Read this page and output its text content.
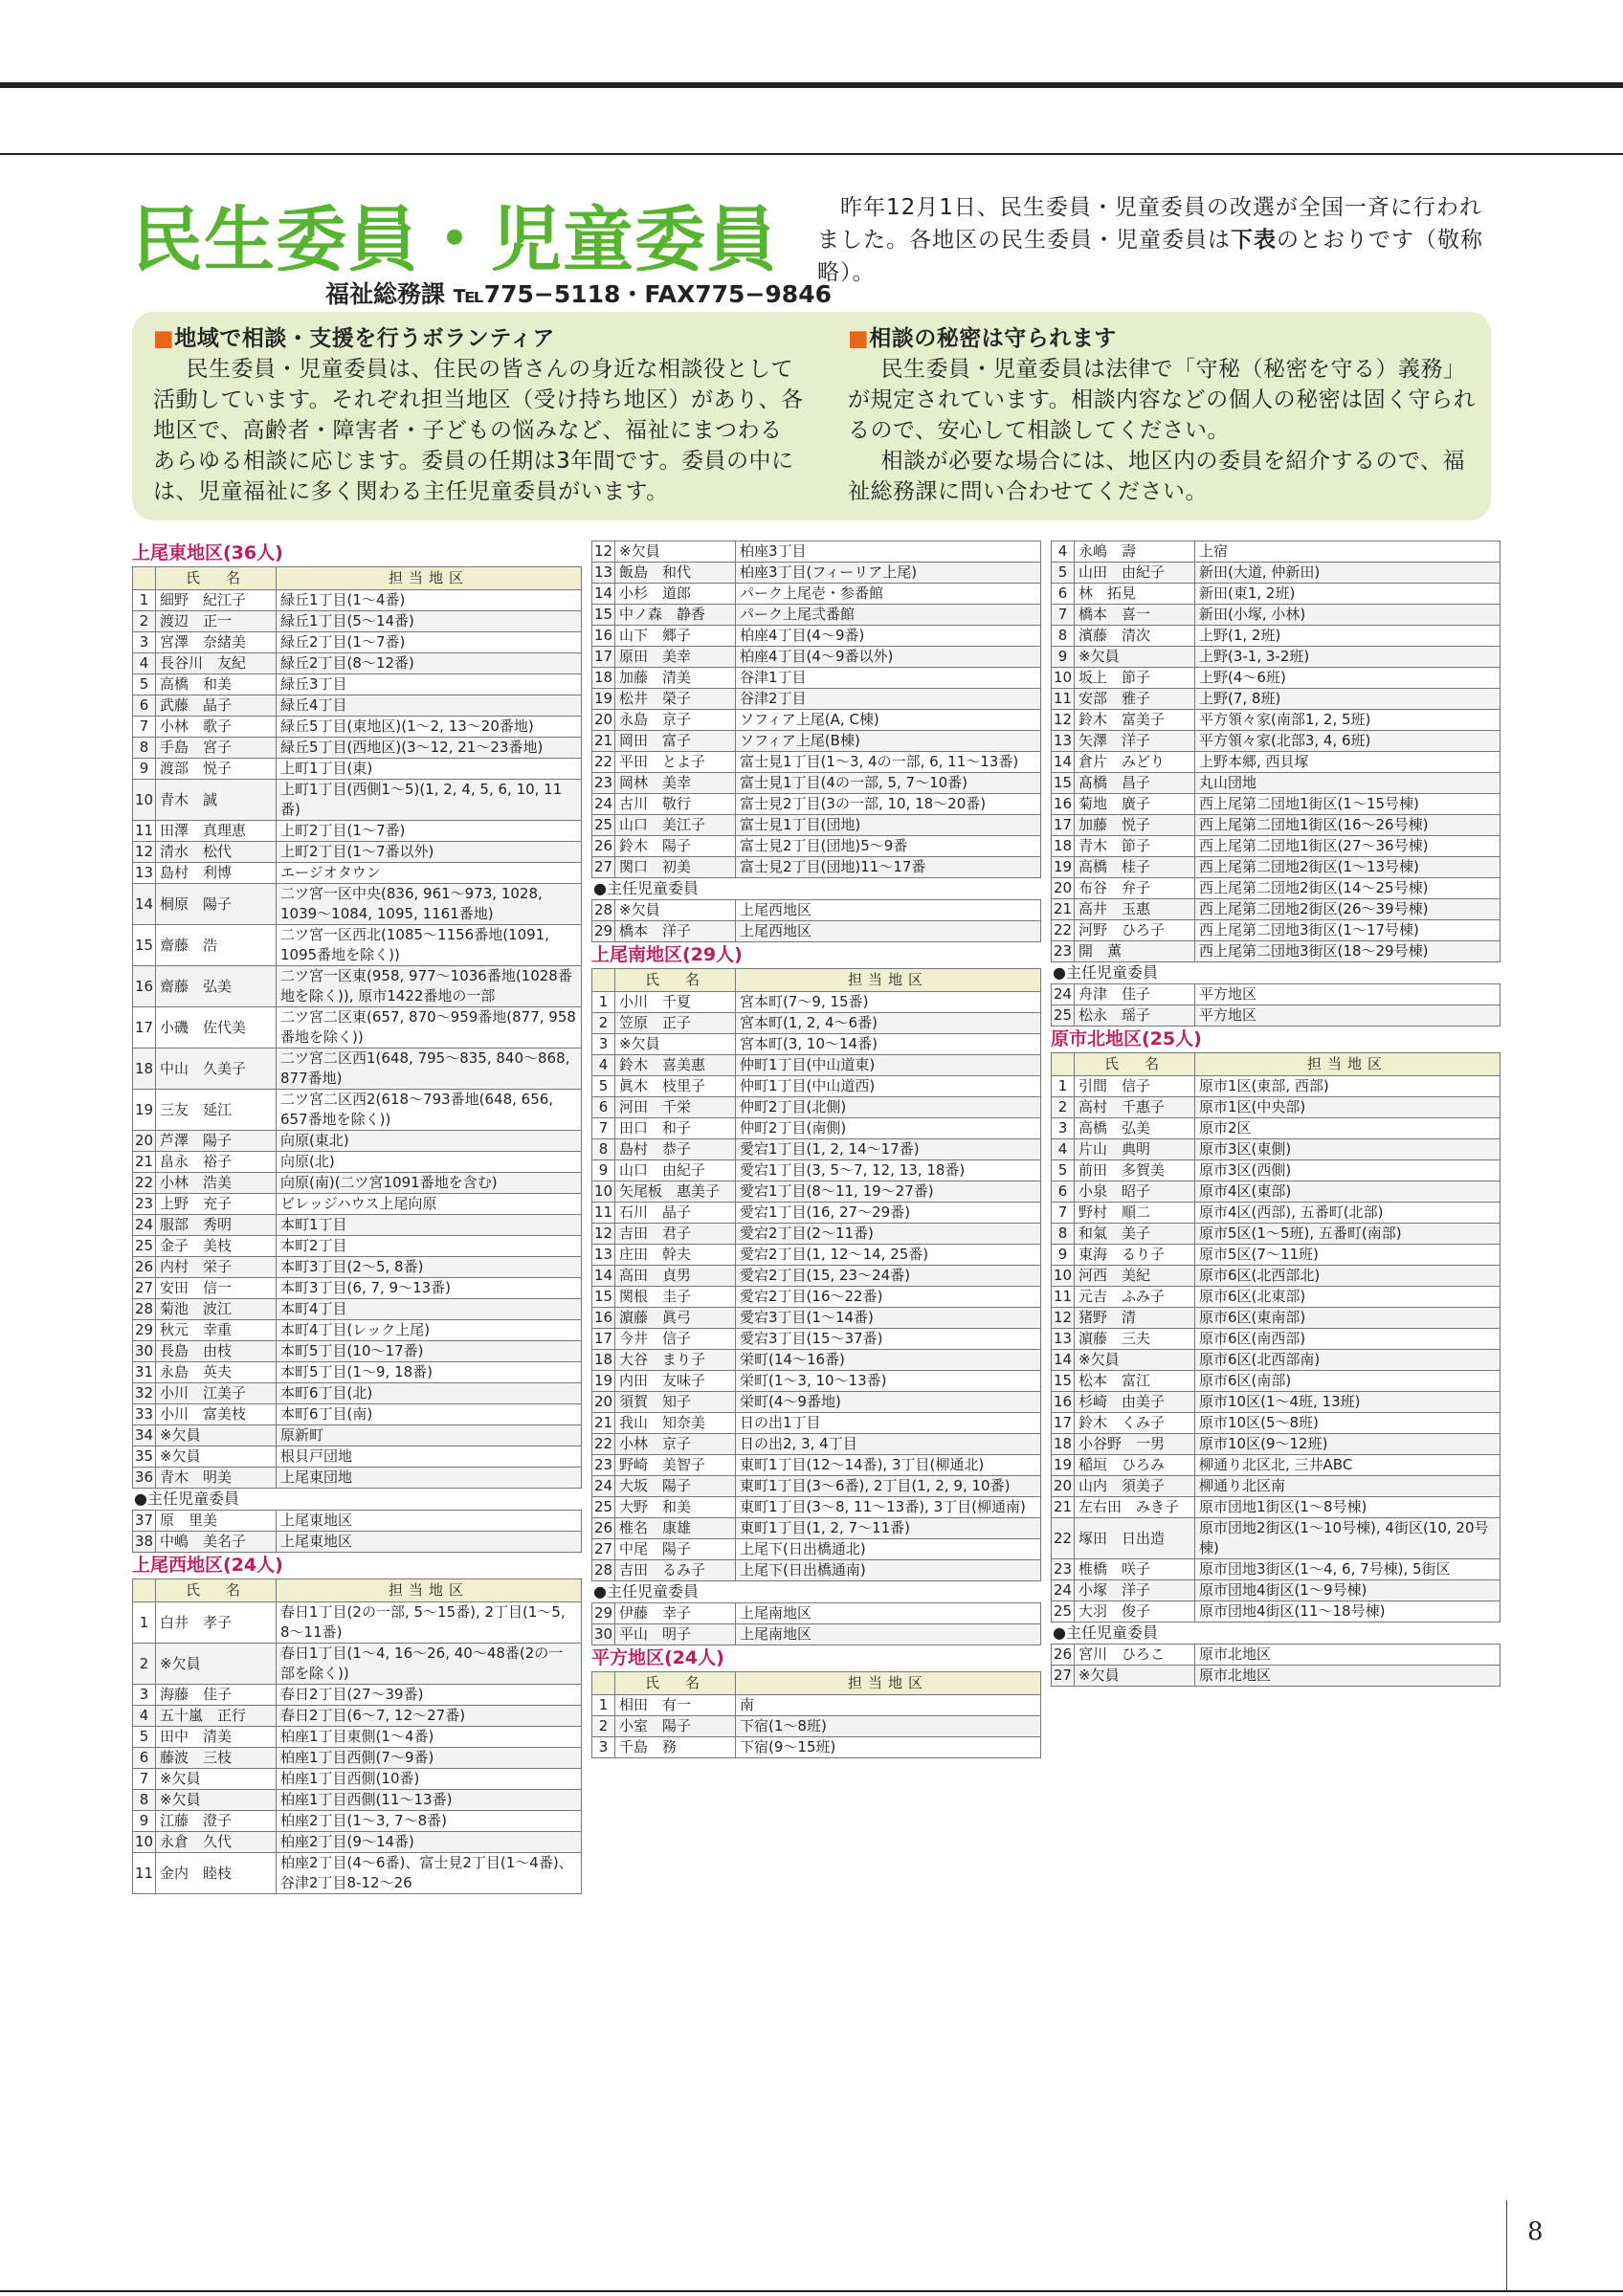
民生委員・児童委員
福祉総務課 ℡775−5118・FAX775−9846
　昨年12月1日、民生委員・児童委員の改選が全国一斉に行われました。各地区の民生委員・児童委員は下表のとおりです（敬称略）。
■地域で相談・支援を行うボランティア
民生委員・児童委員は、住民の皆さんの身近な相談役として活動しています。それぞれ担当地区（受け持ち地区）があり、各地区で、高齢者・障害者・子どもの悩みなど、福祉にまつわるあらゆる相談に応じます。委員の任期は3年間です。委員の中には、児童福祉に多く関わる主任児童委員がいます。
■相談の秘密は守られます
民生委員・児童委員は法律で「守秘（秘密を守る）義務」が規定されています。相談内容などの個人の秘密は固く守られるので、安心して相談してください。
相談が必要な場合には、地区内の委員を紹介するので、福祉総務課に問い合わせてください。
上尾東地区(36人)
	氏　名	担当地区
1	細野　紀江子	緑丘1丁目(1〜4番)
2	渡辺　正一	緑丘1丁目(5〜14番)
3	宮澤　奈緒美	緑丘2丁目(1〜7番)
4	長谷川　友紀	緑丘2丁目(8〜12番)
5	高橋　和美	緑丘3丁目
6	武藤　晶子	緑丘4丁目
7	小林　歌子	緑丘5丁目(東地区)(1〜2, 13〜20番地)
8	手島　宮子	緑丘5丁目(西地区)(3〜12, 21〜23番地)
9	渡部　悦子	上町1丁目(東)
10	青木　誠	上町1丁目(西側1〜5)(1, 2, 4, 5, 6, 10, 11番)
11	田澤　真理恵	上町2丁目(1〜7番)
12	清水　松代	上町2丁目(1〜7番以外)
13	島村　利博	エージオタウン
14	桐原　陽子	二ツ宮一区中央(836, 961〜973, 1028, 1039〜1084, 1095, 1161番地)
15	齋藤　浩	二ツ宮一区西北(1085〜1156番地(1091, 1095番地を除く))
16	齋藤　弘美	二ツ宮一区東(958, 977〜1036番地(1028番地を除く)), 原市1422番地の一部
17	小磯　佐代美	二ツ宮二区東(657, 870〜959番地(877, 958番地を除く))
18	中山　久美子	二ツ宮二区西1(648, 795〜835, 840〜868, 877番地)
19	三友　延江	二ツ宮二区西2(618〜793番地(648, 656, 657番地を除く))
20	芦澤　陽子	向原(東北)
21	畠永　裕子	向原(北)
22	小林　浩美	向原(南)(二ツ宮1091番地を含む)
23	上野　充子	ビレッジハウス上尾向原
24	服部　秀明	本町1丁目
25	金子　美枝	本町2丁目
26	内村　栄子	本町3丁目(2〜5, 8番)
27	安田　信一	本町3丁目(6, 7, 9〜13番)
28	菊池　波江	本町4丁目
29	秋元　幸重	本町4丁目(レック上尾)
30	長島　由枝	本町5丁目(10〜17番)
31	永島　英夫	本町5丁目(1〜9, 18番)
32	小川　江美子	本町6丁目(北)
33	小川　富美枝	本町6丁目(南)
34	※欠員	原新町
35	※欠員	根貝戸団地
36	青木　明美	上尾東団地
●主任児童委員
37	原　里美	上尾東地区
38	中嶋　美名子	上尾東地区
上尾西地区(24人)
	氏　名	担当地区
1	白井　孝子	春日1丁目(2の一部, 5〜15番), 2丁目(1〜5, 8〜11番)
2	※欠員	春日1丁目(1〜4, 16〜26, 40〜48番(2の一部を除く))
3	海藤　佳子	春日2丁目(27〜39番)
4	五十嵐　正行	春日2丁目(6〜7, 12〜27番)
5	田中　清美	柏座1丁目東側(1〜4番)
6	藤波　三枝	柏座1丁目西側(7〜9番)
7	※欠員	柏座1丁目西側(10番)
8	※欠員	柏座1丁目西側(11〜13番)
9	江藤　澄子	柏座2丁目(1〜3, 7〜8番)
10	永倉　久代	柏座2丁目(9〜14番)
11	金内　睦枝	柏座2丁目(4〜6番)、富士見2丁目(1〜4番)、谷津2丁目8-12〜26
12	※欠員	柏座3丁目
13	飯島　和代	柏座3丁目(フィーリア上尾)
14	小杉　道郎	パーク上尾壱・参番館
15	中ノ森　静香	パーク上尾弐番館
16	山下　郷子	柏座4丁目(4〜9番)
17	原田　美幸	柏座4丁目(4〜9番以外)
18	加藤　清美	谷津1丁目
19	松井　榮子	谷津2丁目
20	永島　京子	ソフィア上尾(A, C棟)
21	岡田　富子	ソフィア上尾(B棟)
22	平田　とよ子	富士見1丁目(1〜3, 4の一部, 6, 11〜13番)
23	岡林　美幸	富士見1丁目(4の一部, 5, 7〜10番)
24	古川　敬行	富士見2丁目(3の一部, 10, 18〜20番)
25	山口　美江子	富士見1丁目(団地)
26	鈴木　陽子	富士見2丁目(団地)5〜9番
27	関口　初美	富士見2丁目(団地)11〜17番
●主任児童委員
28	※欠員	上尾西地区
29	橋本　洋子	上尾西地区
上尾南地区(29人)
	氏　名	担当地区
1	小川　千夏	宮本町(7〜9, 15番)
2	笠原　正子	宮本町(1, 2, 4〜6番)
3	※欠員	宮本町(3, 10〜14番)
4	鈴木　喜美惠	仲町1丁目(中山道東)
5	眞木　枝里子	仲町1丁目(中山道西)
6	河田　千栄	仲町2丁目(北側)
7	田口　和子	仲町2丁目(南側)
8	島村　恭子	愛宕1丁目(1, 2, 14〜17番)
9	山口　由紀子	愛宕1丁目(3, 5〜7, 12, 13, 18番)
10	矢尾板　惠美子	愛宕1丁目(8〜11, 19〜27番)
11	石川　晶子	愛宕1丁目(16, 27〜29番)
12	吉田　君子	愛宕2丁目(2〜11番)
13	庄田　幹夫	愛宕2丁目(1, 12〜14, 25番)
14	高田　貞男	愛宕2丁目(15, 23〜24番)
15	関根　圭子	愛宕2丁目(16〜22番)
16	濵藤　眞弓	愛宕3丁目(1〜14番)
17	今井　信子	愛宕3丁目(15〜37番)
18	大谷　まり子	栄町(14〜16番)
19	内田　友味子	栄町(1〜3, 10〜13番)
20	須賀　知子	栄町(4〜9番地)
21	我山　知奈美	日の出1丁目
22	小林　京子	日の出2, 3, 4丁目
23	野崎　美智子	東町1丁目(12〜14番), 3丁目(柳通北)
24	大坂　陽子	東町1丁目(3〜6番), 2丁目(1, 2, 9, 10番)
25	大野　和美	東町1丁目(3〜8, 11〜13番), 3丁目(柳通南)
26	椎名　康雄	東町1丁目(1, 2, 7〜11番)
27	中尾　陽子	上尾下(日出橋通北)
28	吉田　るみ子	上尾下(日出橋通南)
●主任児童委員
29	伊藤　幸子	上尾南地区
30	平山　明子	上尾南地区
平方地区(24人)
	氏　名	担当地区
1	相田　有一	南
2	小室　陽子	下宿(1〜8班)
3	千島　務	下宿(9〜15班)
4	永嶋　壽	上宿
5	山田　由紀子	新田(大道, 仲新田)
6	林　拓見	新田(東1, 2班)
7	橋本　喜一	新田(小塚, 小林)
8	濱藤　清次	上野(1, 2班)
9	※欠員	上野(3-1, 3-2班)
10	坂上　節子	上野(4〜6班)
11	安部　雅子	上野(7, 8班)
12	鈴木　富美子	平方領々家(南部1, 2, 5班)
13	矢澤　洋子	平方領々家(北部3, 4, 6班)
14	倉片　みどり	上野本郷, 西貝塚
15	髙橋　昌子	丸山団地
16	菊地　廣子	西上尾第二団地1街区(1〜15号棟)
17	加藤　悦子	西上尾第二団地1街区(16〜26号棟)
18	青木　節子	西上尾第二団地1街区(27〜36号棟)
19	高橋　桂子	西上尾第二団地2街区(1〜13号棟)
20	布谷　弁子	西上尾第二団地2街区(14〜25号棟)
21	高井　玉惠	西上尾第二団地2街区(26〜39号棟)
22	河野　ひろ子	西上尾第二団地3街区(1〜17号棟)
23	開　薫	西上尾第二団地3街区(18〜29号棟)
●主任児童委員
24	舟津　佳子	平方地区
25	松永　瑶子	平方地区
原市北地区(25人)
	氏　名	担当地区
1	引間　信子	原市1区(東部, 西部)
2	高村　千惠子	原市1区(中央部)
3	高橋　弘美	原市2区
4	片山　典明	原市3区(東側)
5	前田　多賀美	原市3区(西側)
6	小泉　昭子	原市4区(東部)
7	野村　順二	原市4区(西部), 五番町(北部)
8	和氣　美子	原市5区(1〜5班), 五番町(南部)
9	東海　るり子	原市5区(7〜11班)
10	河西　美紀	原市6区(北西部北)
11	元吉　ふみ子	原市6区(北東部)
12	猪野　清	原市6区(東南部)
13	濵藤　三夫	原市6区(南西部)
14	※欠員	原市6区(北西部南)
15	松本　富江	原市6区(南部)
16	杉崎　由美子	原市10区(1〜4班, 13班)
17	鈴木　くみ子	原市10区(5〜8班)
18	小谷野　一男	原市10区(9〜12班)
19	稲垣　ひろみ	柳通り北区北, 三井ABC
20	山内　須美子	柳通り北区南
21	左右田　みき子	原市団地1街区(1〜8号棟)
22	塚田　日出造	原市団地2街区(1〜10号棟), 4街区(10, 20号棟)
23	椎橋　咲子	原市団地3街区(1〜4, 6, 7号棟), 5街区
24	小塚　洋子	原市団地4街区(1〜9号棟)
25	大羽　俊子	原市団地4街区(11〜18号棟)
●主任児童委員
26	宮川　ひろこ	原市北地区
27	※欠員	原市北地区
8
